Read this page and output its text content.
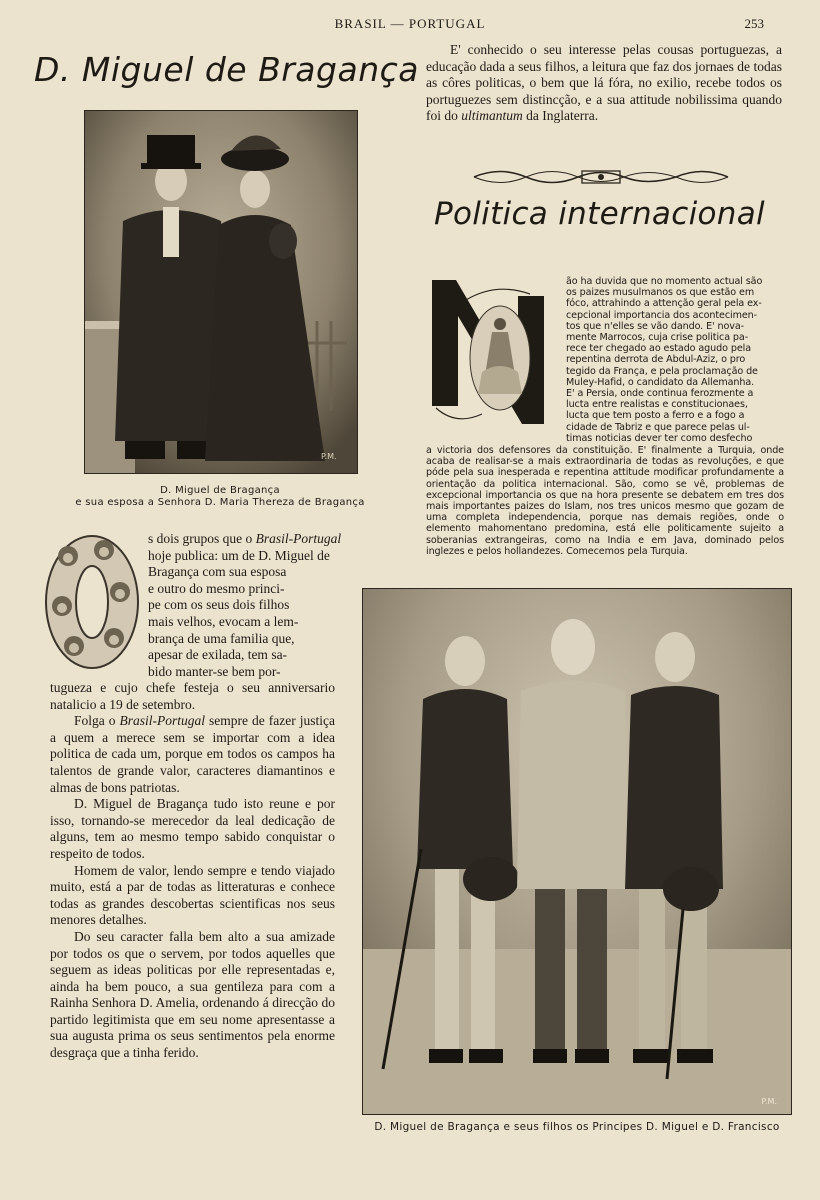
BRASIL — PORTUGAL	253
D. Miguel de Bragança
P.M.
D. Miguel de Bragança
e sua esposa a Senhora D. Maria Thereza de Bragança
s dois grupos que o Brasil-Portugal
hoje publica: um de D. Miguel de
Bragança com sua esposa
e outro do mesmo princi-
pe com os seus dois filhos
mais velhos, evocam a lem-
brança de uma familia que,
apesar de exilada, tem sa-
bido manter-se bem por-

tugueza e cujo chefe festeja o seu anniversario natalicio a 19 de setembro.

Folga o Brasil-Portugal sempre de fazer justiça a quem a merece sem se importar com a idea politica de cada um, porque em todos os campos ha talentos de grande valor, caracteres diamantinos e almas de bons patriotas.

D. Miguel de Bragança tudo isto reune e por isso, tornando-se merecedor da leal dedicação de alguns, tem ao mesmo tempo sabido conquistar o respeito de todos.

Homem de valor, lendo sempre e tendo viajado muito, está a par de todas as litteraturas e conhece todas as grandes descobertas scientificas nos seus menores detalhes.

Do seu caracter falla bem alto a sua amizade por todos os que o servem, por todos aquelles que seguem as ideas politicas por elle representadas e, ainda ha bem pouco, a sua gentileza para com a Rainha Senhora D. Amelia, ordenando á direcção do partido legitimista que em seu nome apresentasse a sua augusta prima os seus sentimentos pela enorme desgraça que a tinha ferido.

E' conhecido o seu interesse pelas cousas portuguezas, a educação dada a seus filhos, a leitura que faz dos jornaes de todas as côres politicas, o bem que lá fóra, no exilio, recebe todos os portuguezes sem distincção, e a sua attitude nobilissima quando foi do ultimantum da Inglaterra.

Politica internacional
ão ha duvida que no momento actual são
os paizes musulmanos os que estão em
fóco, attrahindo a attenção geral pela ex-
cepcional importancia dos acontecimen-
tos que n'elles se vão dando. E' nova-
mente Marrocos, cuja crise politica pa-
rece ter chegado ao estado agudo pela
repentina derrota de Abdul-Aziz, o pro
tegido da França, e pela proclamação de
Muley-Hafid, o candidato da Allemanha.
E' a Persia, onde continua ferozmente a
lucta entre realistas e constitucionaes,
lucta que tem posto a ferro e a fogo a
cidade de Tabriz e que parece pelas ul-
timas noticias dever ter como desfecho

a victoria dos defensores da constituição. E' finalmente a Turquia, onde acaba de realisar-se a mais extraordinaria de todas as revoluções, e que póde pela sua inesperada e repentina attitude modificar profundamente a orientação da politica internacional. São, como se vê, problemas de excepcional importancia os que na hora presente se debatem em tres dos mais importantes paizes do Islam, nos tres unicos mesmo que gozam de uma completa independencia, porque nas demais regiões, onde o elemento mahomentano predomina, está elle politicamente sujeito a soberanias extrangeiras, como na India e em Java, dominado pelos inglezes e pelos hollandezes. Comecemos pela Turquia.

P.M.
D. Miguel de Bragança e seus filhos os Principes D. Miguel e D. Francisco
